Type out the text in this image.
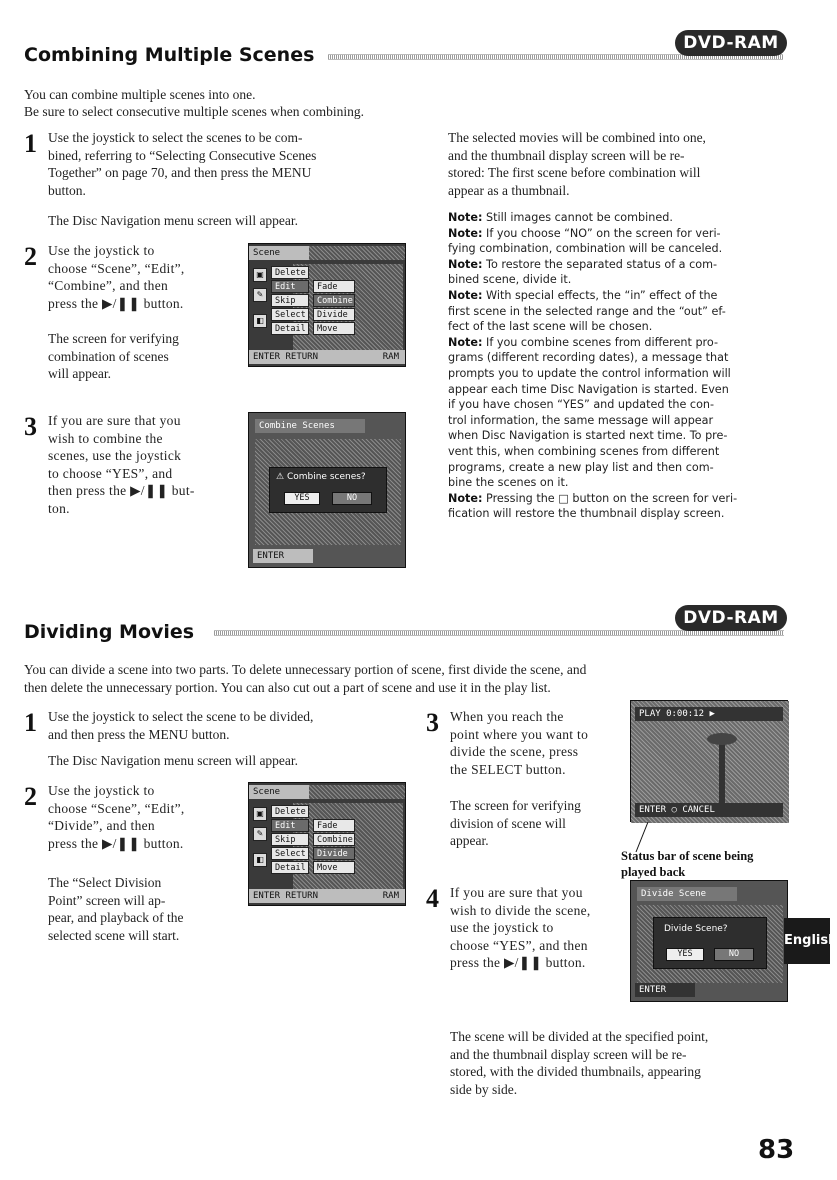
Combining Multiple Scenes
DVD-RAM
You can combine multiple scenes into one.
Be sure to select consecutive multiple scenes when combining.
1 Use the joystick to select the scenes to be com-
bined, referring to “Selecting Consecutive Scenes
Together” on page 70, and then press the MENU
button.
The Disc Navigation menu screen will appear.
2 Use the joystick to
choose “Scene”, “Edit”,
“Combine”, and then
press the ▶/❚❚ button.
The screen for verifying
combination of scenes
will appear.
Scene
▣
✎
◧
Delete
Edit
Skip
Select
Detail
Fade
Combine
Divide
Move
ENTER RETURN	RAM
3 If you are sure that you
wish to combine the
scenes, use the joystick
to choose “YES”, and
then press the ▶/❚❚ but-
ton.
Combine Scenes
⚠ Combine scenes?
YES	NO
ENTER
The selected movies will be combined into one,
and the thumbnail display screen will be re-
stored: The first scene before combination will
appear as a thumbnail.

Note: Still images cannot be combined.

Note: If you choose “NO” on the screen for veri-

fying combination, combination will be canceled.

Note: To restore the separated status of a com-

bined scene, divide it.

Note: With special effects, the “in” effect of the

first scene in the selected range and the “out” ef-

fect of the last scene will be chosen.

Note: If you combine scenes from different pro-

grams (different recording dates), a message that

prompts you to update the control information will

appear each time Disc Navigation is started. Even

if you have chosen “YES” and updated the con-

trol information, the same message will appear

when Disc Navigation is started next time. To pre-

vent this, when combining scenes from different

programs, create a new play list and then com-

bine the scenes on it.

Note: Pressing the □ button on the screen for veri-

fication will restore the thumbnail display screen.

Dividing Movies
DVD-RAM
You can divide a scene into two parts. To delete unnecessary portion of scene, first divide the scene, and
then delete the unnecessary portion. You can also cut out a part of scene and use it in the play list.
1 Use the joystick to select the scene to be divided,
and then press the MENU button.
The Disc Navigation menu screen will appear.
2 Use the joystick to
choose “Scene”, “Edit”,
“Divide”, and then
press the ▶/❚❚ button.
The “Select Division
Point” screen will ap-
pear, and playback of the
selected scene will start.
Scene
▣
✎
◧
Delete
Edit
Skip
Select
Detail
Fade
Combine
Divide
Move
ENTER RETURN	RAM
3 When you reach the
point where you want to
divide the scene, press
the SELECT button.
The screen for verifying
division of scene will
appear.
PLAY 0:00:12 ▶
ENTER ○ CANCEL
Status bar of scene being
played back
4 If you are sure that you
wish to divide the scene,
use the joystick to
choose “YES”, and then
press the ▶/❚❚ button.
Divide Scene
Divide Scene?
YES	NO
ENTER
The scene will be divided at the specified point,
and the thumbnail display screen will be re-
stored, with the divided thumbnails, appearing
side by side.
English
83
